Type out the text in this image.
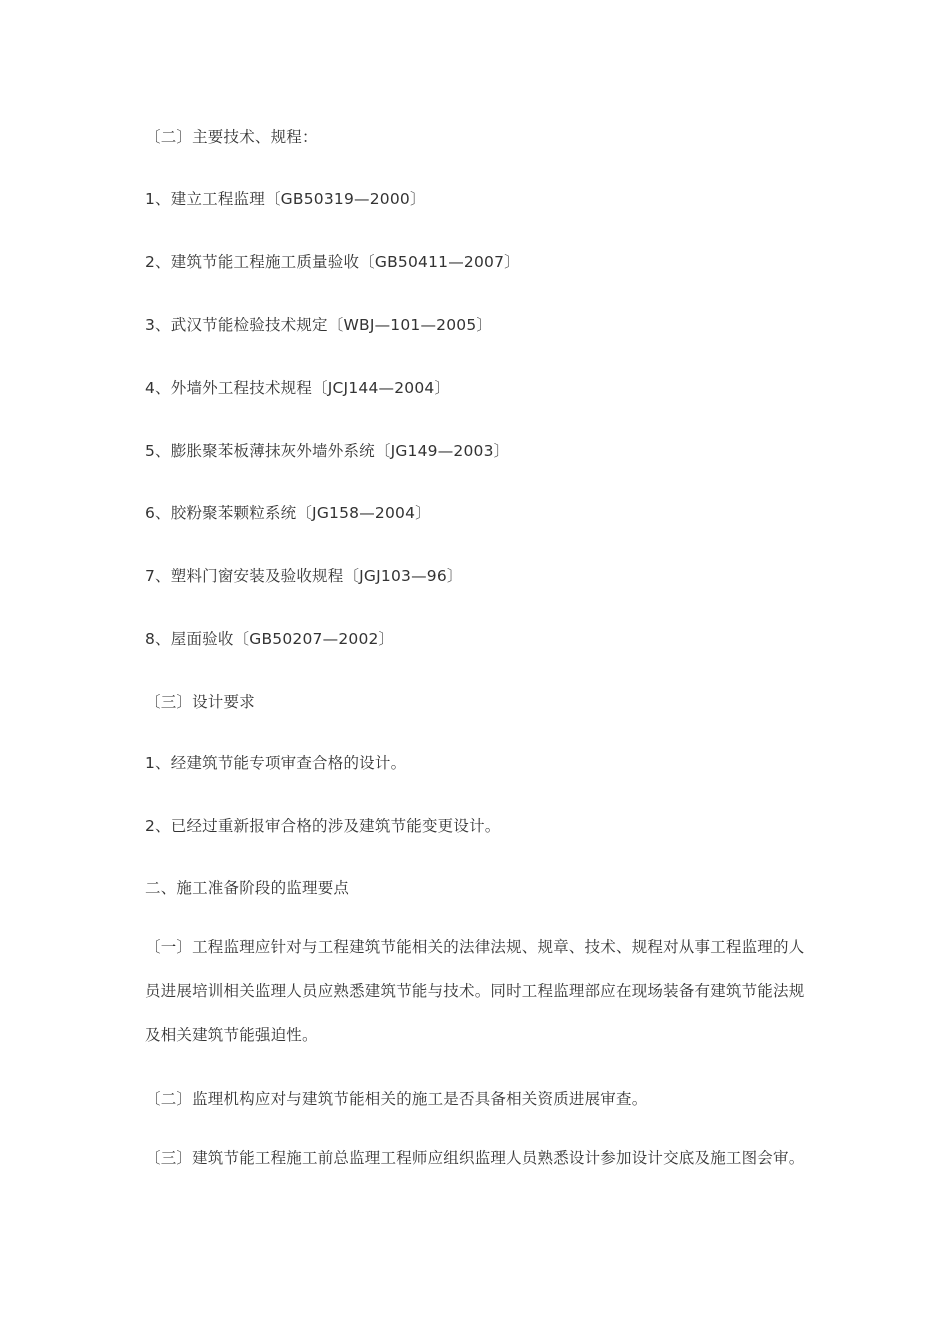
〔二〕主要技术、规程：

1、建立工程监理〔GB50319—2000〕

2、建筑节能工程施工质量验收〔GB50411—2007〕

3、武汉节能检验技术规定〔WBJ—101—2005〕

4、外墙外工程技术规程〔JCJ144—2004〕

5、膨胀聚苯板薄抹灰外墙外系统〔JG149—2003〕

6、胶粉聚苯颗粒系统〔JG158—2004〕

7、塑料门窗安装及验收规程〔JGJ103—96〕

8、屋面验收〔GB50207—2002〕

〔三〕设计要求

1、经建筑节能专项审查合格的设计。

2、已经过重新报审合格的涉及建筑节能变更设计。

二、施工准备阶段的监理要点

〔一〕工程监理应针对与工程建筑节能相关的法律法规、规章、技术、规程对从事工程监理的人员进展培训相关监理人员应熟悉建筑节能与技术。同时工程监理部应在现场装备有建筑节能法规及相关建筑节能强迫性。

〔二〕监理机构应对与建筑节能相关的施工是否具备相关资质进展审查。

〔三〕建筑节能工程施工前总监理工程师应组织监理人员熟悉设计参加设计交底及施工图会审。
